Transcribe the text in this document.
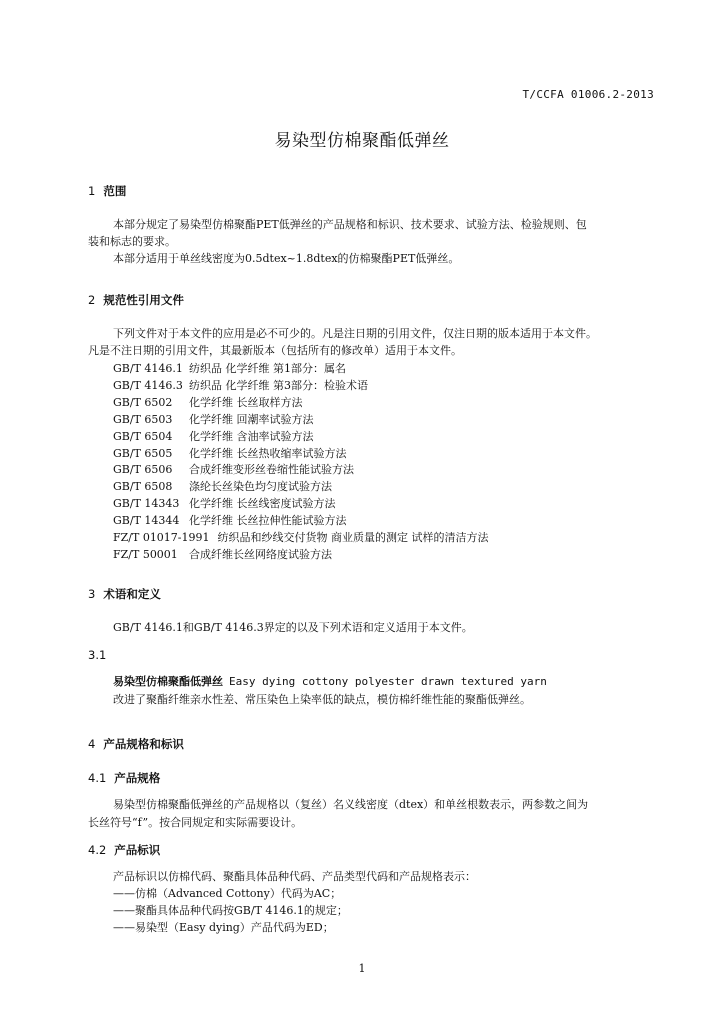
T/CCFA 01006.2-2013
易染型仿棉聚酯低弹丝
1 范围
本部分规定了易染型仿棉聚酯PET低弹丝的产品规格和标识、技术要求、试验方法、检验规则、包
装和标志的要求。
本部分适用于单丝线密度为0.5dtex~1.8dtex的仿棉聚酯PET低弹丝。
2 规范性引用文件
下列文件对于本文件的应用是必不可少的。凡是注日期的引用文件，仅注日期的版本适用于本文件。
凡是不注日期的引用文件，其最新版本（包括所有的修改单）适用于本文件。
GB/T 4146.1 纺织品 化学纤维 第1部分：属名
GB/T 4146.3 纺织品 化学纤维 第3部分：检验术语
GB/T 6502 化学纤维 长丝取样方法
GB/T 6503 化学纤维 回潮率试验方法
GB/T 6504 化学纤维 含油率试验方法
GB/T 6505 化学纤维 长丝热收缩率试验方法
GB/T 6506 合成纤维变形丝卷缩性能试验方法
GB/T 6508 涤纶长丝染色均匀度试验方法
GB/T 14343 化学纤维 长丝线密度试验方法
GB/T 14344 化学纤维 长丝拉伸性能试验方法
FZ/T 01017-1991 纺织品和纱线交付货物 商业质量的测定 试样的清洁方法
FZ/T 50001 合成纤维长丝网络度试验方法
3 术语和定义
GB/T 4146.1和GB/T 4146.3界定的以及下列术语和定义适用于本文件。
3.1
易染型仿棉聚酯低弹丝 Easy dying cottony polyester drawn textured yarn
改进了聚酯纤维亲水性差、常压染色上染率低的缺点，模仿棉纤维性能的聚酯低弹丝。
4 产品规格和标识
4.1 产品规格
易染型仿棉聚酯低弹丝的产品规格以（复丝）名义线密度（dtex）和单丝根数表示，两参数之间为
长丝符号“f”。按合同规定和实际需要设计。
4.2 产品标识
产品标识以仿棉代码、聚酯具体品种代码、产品类型代码和产品规格表示：
——仿棉（Advanced Cottony）代码为AC；
——聚酯具体品种代码按GB/T 4146.1的规定；
——易染型（Easy dying）产品代码为ED；
1
